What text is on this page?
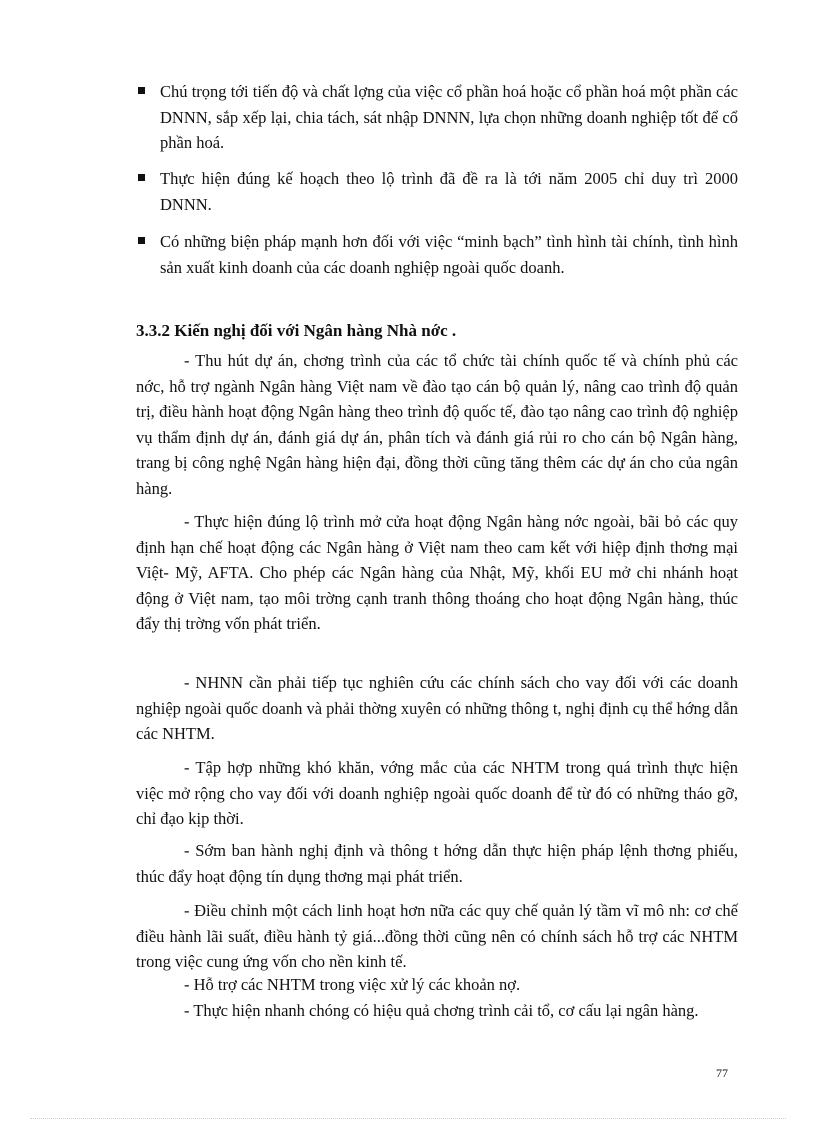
Chú trọng tới tiến độ và chất lợng của việc cổ phần hoá hoặc cổ phần hoá một phần các DNNN, sắp xếp lại, chia tách, sát nhập DNNN, lựa chọn những doanh nghiệp tốt để cổ phần hoá.
Thực hiện đúng kế hoạch theo lộ trình đã đề ra là tới năm 2005 chỉ duy trì 2000 DNNN.
Có những biện pháp mạnh hơn đối với việc “minh bạch” tình hình tài chính, tình hình sản xuất kinh doanh của các doanh nghiệp ngoài quốc doanh.
3.3.2 Kiến nghị đối với Ngân hàng Nhà nớc .
- Thu hút dự án, chơng trình của các tổ chức tài chính quốc tế và chính phủ các nớc, hỗ trợ ngành Ngân hàng Việt nam về đào tạo cán bộ quản lý, nâng cao trình độ quản trị, điều hành hoạt động Ngân hàng theo trình độ quốc tế, đào tạo nâng cao trình độ nghiệp vụ thẩm định dự án, đánh giá dự án, phân tích và đánh giá rủi ro cho cán bộ Ngân hàng, trang bị công nghệ Ngân hàng hiện đại, đồng thời cũng tăng thêm các dự án cho của ngân hàng.
- Thực hiện đúng lộ trình mở cửa hoạt động Ngân hàng nớc ngoài, bãi bỏ các quy định hạn chế hoạt động các Ngân hàng ở Việt nam theo cam kết với hiệp định thơng mại Việt- Mỹ, AFTA. Cho phép các Ngân hàng của Nhật, Mỹ, khối EU mở chi nhánh hoạt động ở Việt nam, tạo môi trờng cạnh tranh thông thoáng cho hoạt động Ngân hàng, thúc đẩy thị trờng vốn phát triển.
- NHNN cần phải tiếp tục nghiên cứu các chính sách cho vay đối với các doanh nghiệp ngoài quốc doanh và phải thờng xuyên có những thông t, nghị định cụ thể hớng dẫn các NHTM.
- Tập hợp những khó khăn, vớng mắc của các NHTM trong quá trình thực hiện việc mở rộng cho vay đối với doanh nghiệp ngoài quốc doanh để từ đó có những tháo gỡ, chỉ đạo kịp thời.
- Sớm ban hành nghị định và thông t hớng dẫn thực hiện pháp lệnh thơng phiếu, thúc đẩy hoạt động tín dụng thơng mại phát triển.
- Điều chỉnh một cách linh hoạt hơn nữa các quy chế quản lý tầm vĩ mô nh: cơ chế điều hành lãi suất, điều hành tỷ giá...đồng thời cũng nên có chính sách hỗ trợ các NHTM trong việc cung ứng vốn cho nền kinh tế.
- Hỗ trợ các NHTM trong việc xử lý các khoản nợ.
- Thực hiện nhanh chóng có hiệu quả chơng trình cải tổ, cơ cấu lại ngân hàng.
77
